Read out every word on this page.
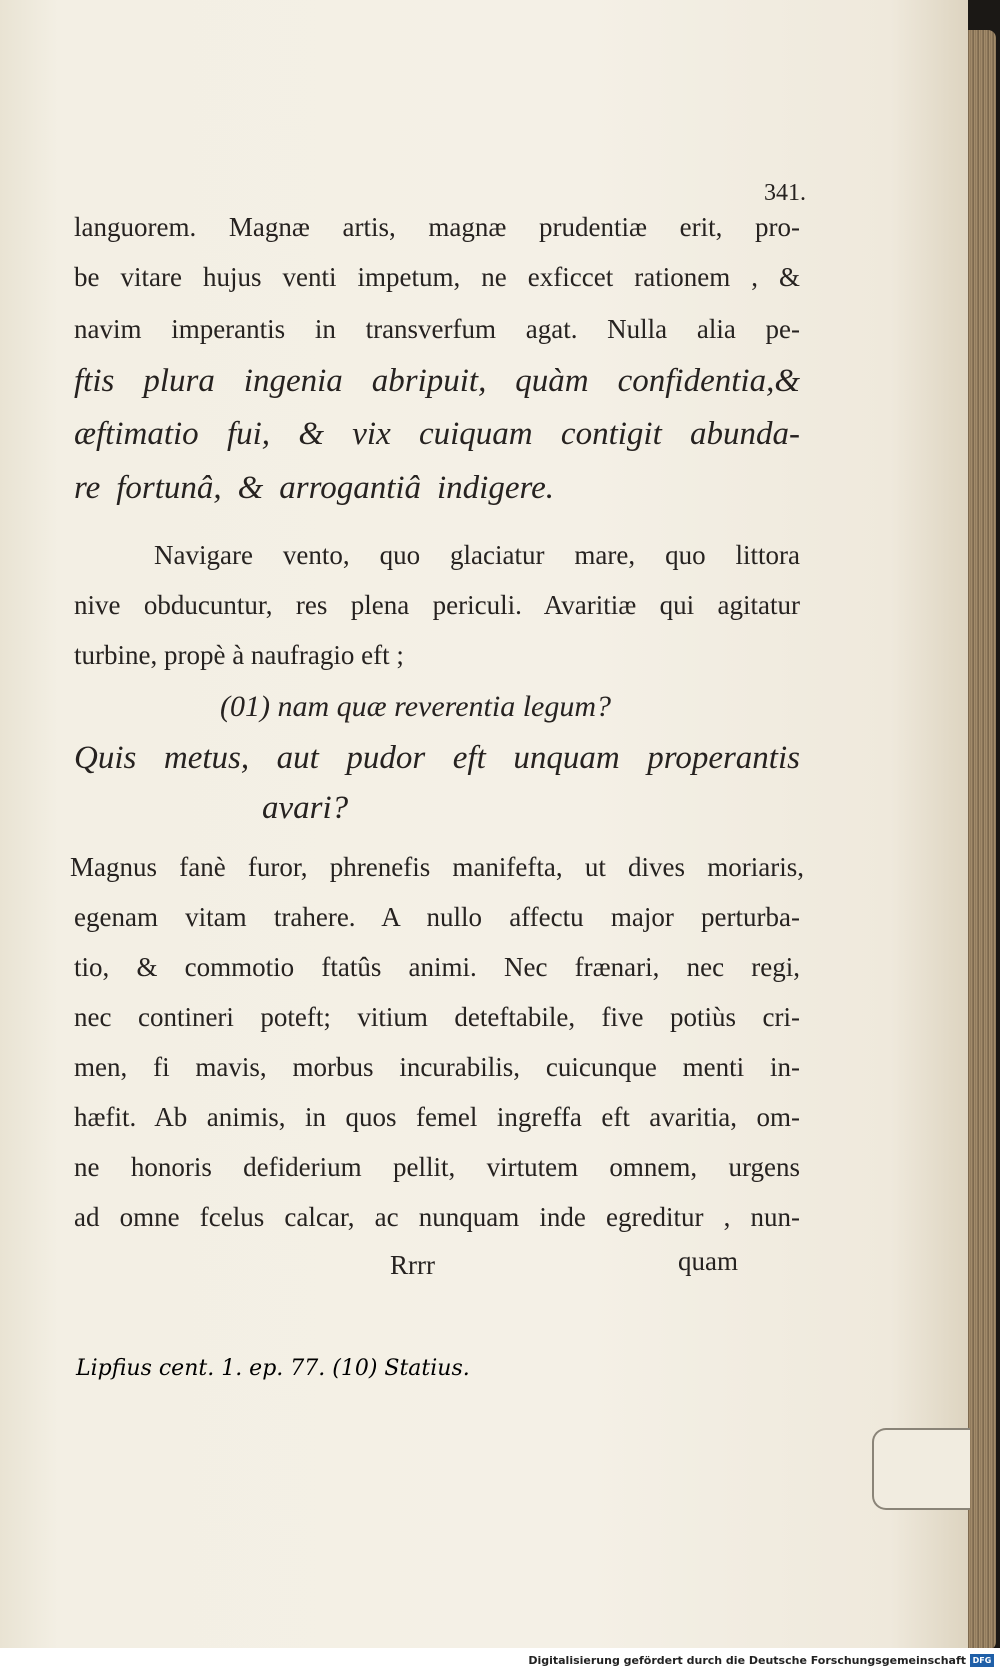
341.
languorem. Magnæ artis, magnæ prudentiæ erit, pro-
be vitare hujus venti impetum, ne exficcet rationem , &
navim imperantis in transverfum agat. Nulla alia pe-
ftis plura ingenia abripuit, quàm confidentia,&
æftimatio fui, & vix cuiquam contigit abunda-
re fortunâ, & arrogantiâ indigere.
Navigare vento, quo glaciatur mare, quo littora
nive obducuntur, res plena periculi. Avaritiæ qui agitatur
turbine, propè à naufragio eft ;
(01) nam quæ reverentia legum?
Quis metus, aut pudor eft unquam properantis
avari?
Magnus fanè furor, phrenefis manifefta, ut dives moriaris,
egenam vitam trahere. A nullo affectu major perturba-
tio, & commotio ftatûs animi. Nec frænari, nec regi,
nec contineri poteft; vitium deteftabile, five potiùs cri-
men, fi mavis, morbus incurabilis, cuicunque menti in-
hæfit. Ab animis, in quos femel ingreffa eft avaritia, om-
ne honoris defiderium pellit, virtutem omnem, urgens
ad omne fcelus calcar, ac nunquam inde egreditur , nun-
Rrrr	quam
Lipfius cent. 1. ep. 77. (10) Statius.
Digitalisierung gefördert durch die Deutsche Forschungsgemeinschaft DFG
